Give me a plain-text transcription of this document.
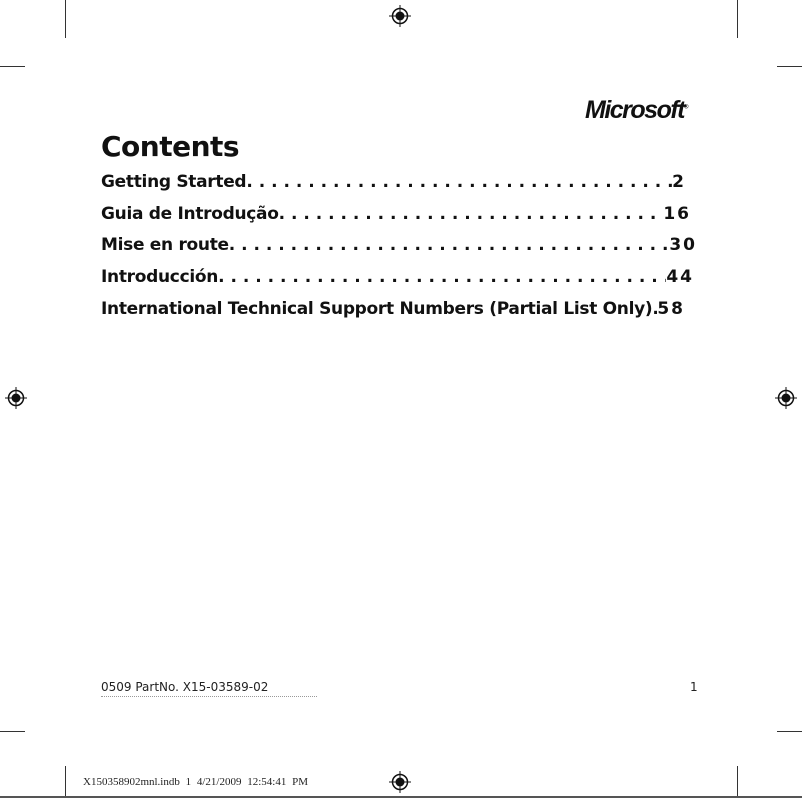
Microsoft®
Contents
Getting Started . . .	2
Guia de Introdução . . .	16
Mise en route . . .	30
Introducción . . .	44
International Technical Support Numbers (Partial List Only) . . . 58
0509 PartNo. X15-03589-02	1
X150358902mnl.indb 1 4/21/2009 12:54:41 PM
